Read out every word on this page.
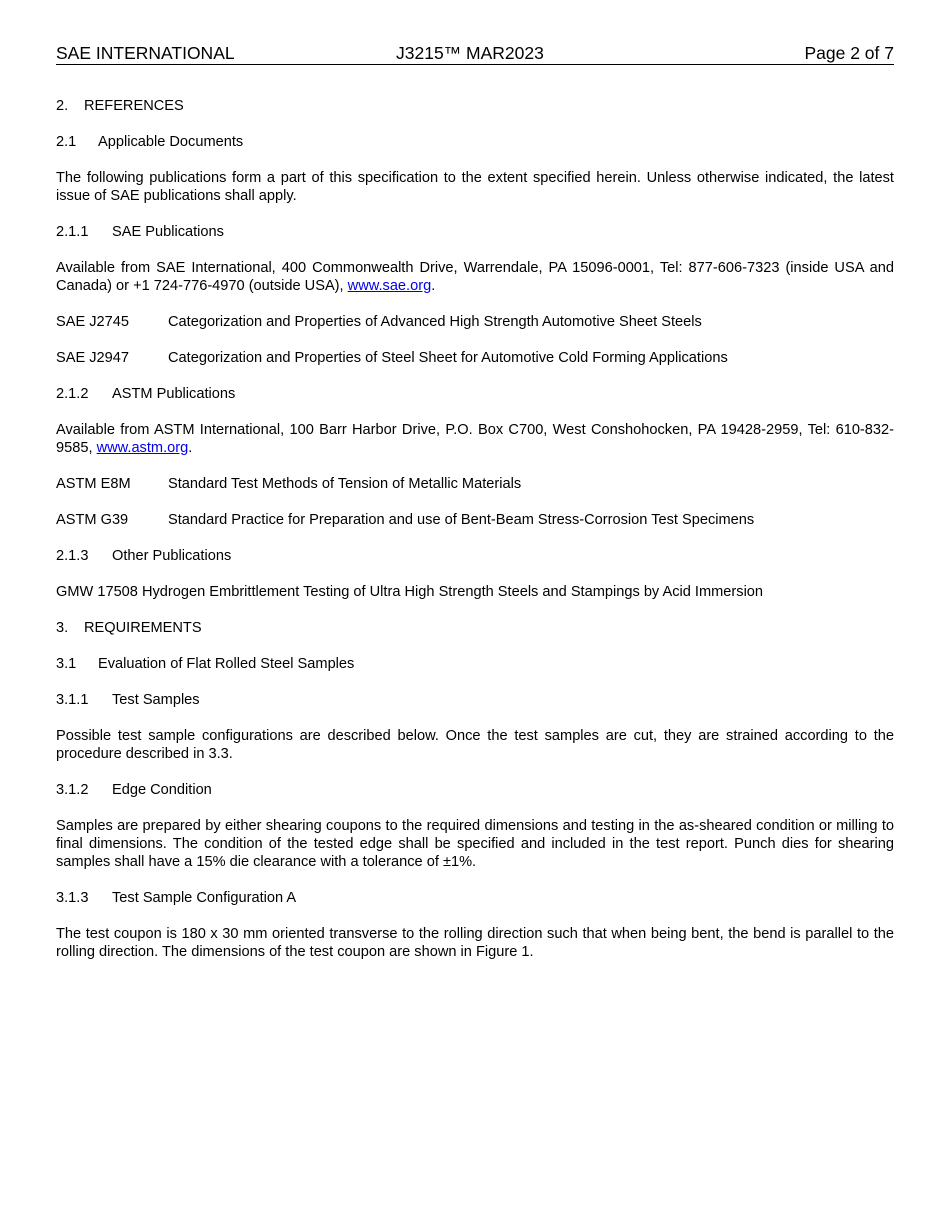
SAE INTERNATIONAL	J3215™ MAR2023	Page 2 of 7
2. REFERENCES
2.1 Applicable Documents
The following publications form a part of this specification to the extent specified herein. Unless otherwise indicated, the latest issue of SAE publications shall apply.
2.1.1 SAE Publications
Available from SAE International, 400 Commonwealth Drive, Warrendale, PA 15096-0001, Tel: 877-606-7323 (inside USA and Canada) or +1 724-776-4970 (outside USA), www.sae.org.
SAE J2745	Categorization and Properties of Advanced High Strength Automotive Sheet Steels
SAE J2947	Categorization and Properties of Steel Sheet for Automotive Cold Forming Applications
2.1.2 ASTM Publications
Available from ASTM International, 100 Barr Harbor Drive, P.O. Box C700, West Conshohocken, PA 19428-2959, Tel: 610-832-9585, www.astm.org.
ASTM E8M	Standard Test Methods of Tension of Metallic Materials
ASTM G39	Standard Practice for Preparation and use of Bent-Beam Stress-Corrosion Test Specimens
2.1.3 Other Publications
GMW 17508 Hydrogen Embrittlement Testing of Ultra High Strength Steels and Stampings by Acid Immersion
3. REQUIREMENTS
3.1 Evaluation of Flat Rolled Steel Samples
3.1.1 Test Samples
Possible test sample configurations are described below. Once the test samples are cut, they are strained according to the procedure described in 3.3.
3.1.2 Edge Condition
Samples are prepared by either shearing coupons to the required dimensions and testing in the as-sheared condition or milling to final dimensions. The condition of the tested edge shall be specified and included in the test report. Punch dies for shearing samples shall have a 15% die clearance with a tolerance of ±1%.
3.1.3 Test Sample Configuration A
The test coupon is 180 x 30 mm oriented transverse to the rolling direction such that when being bent, the bend is parallel to the rolling direction. The dimensions of the test coupon are shown in Figure 1.
